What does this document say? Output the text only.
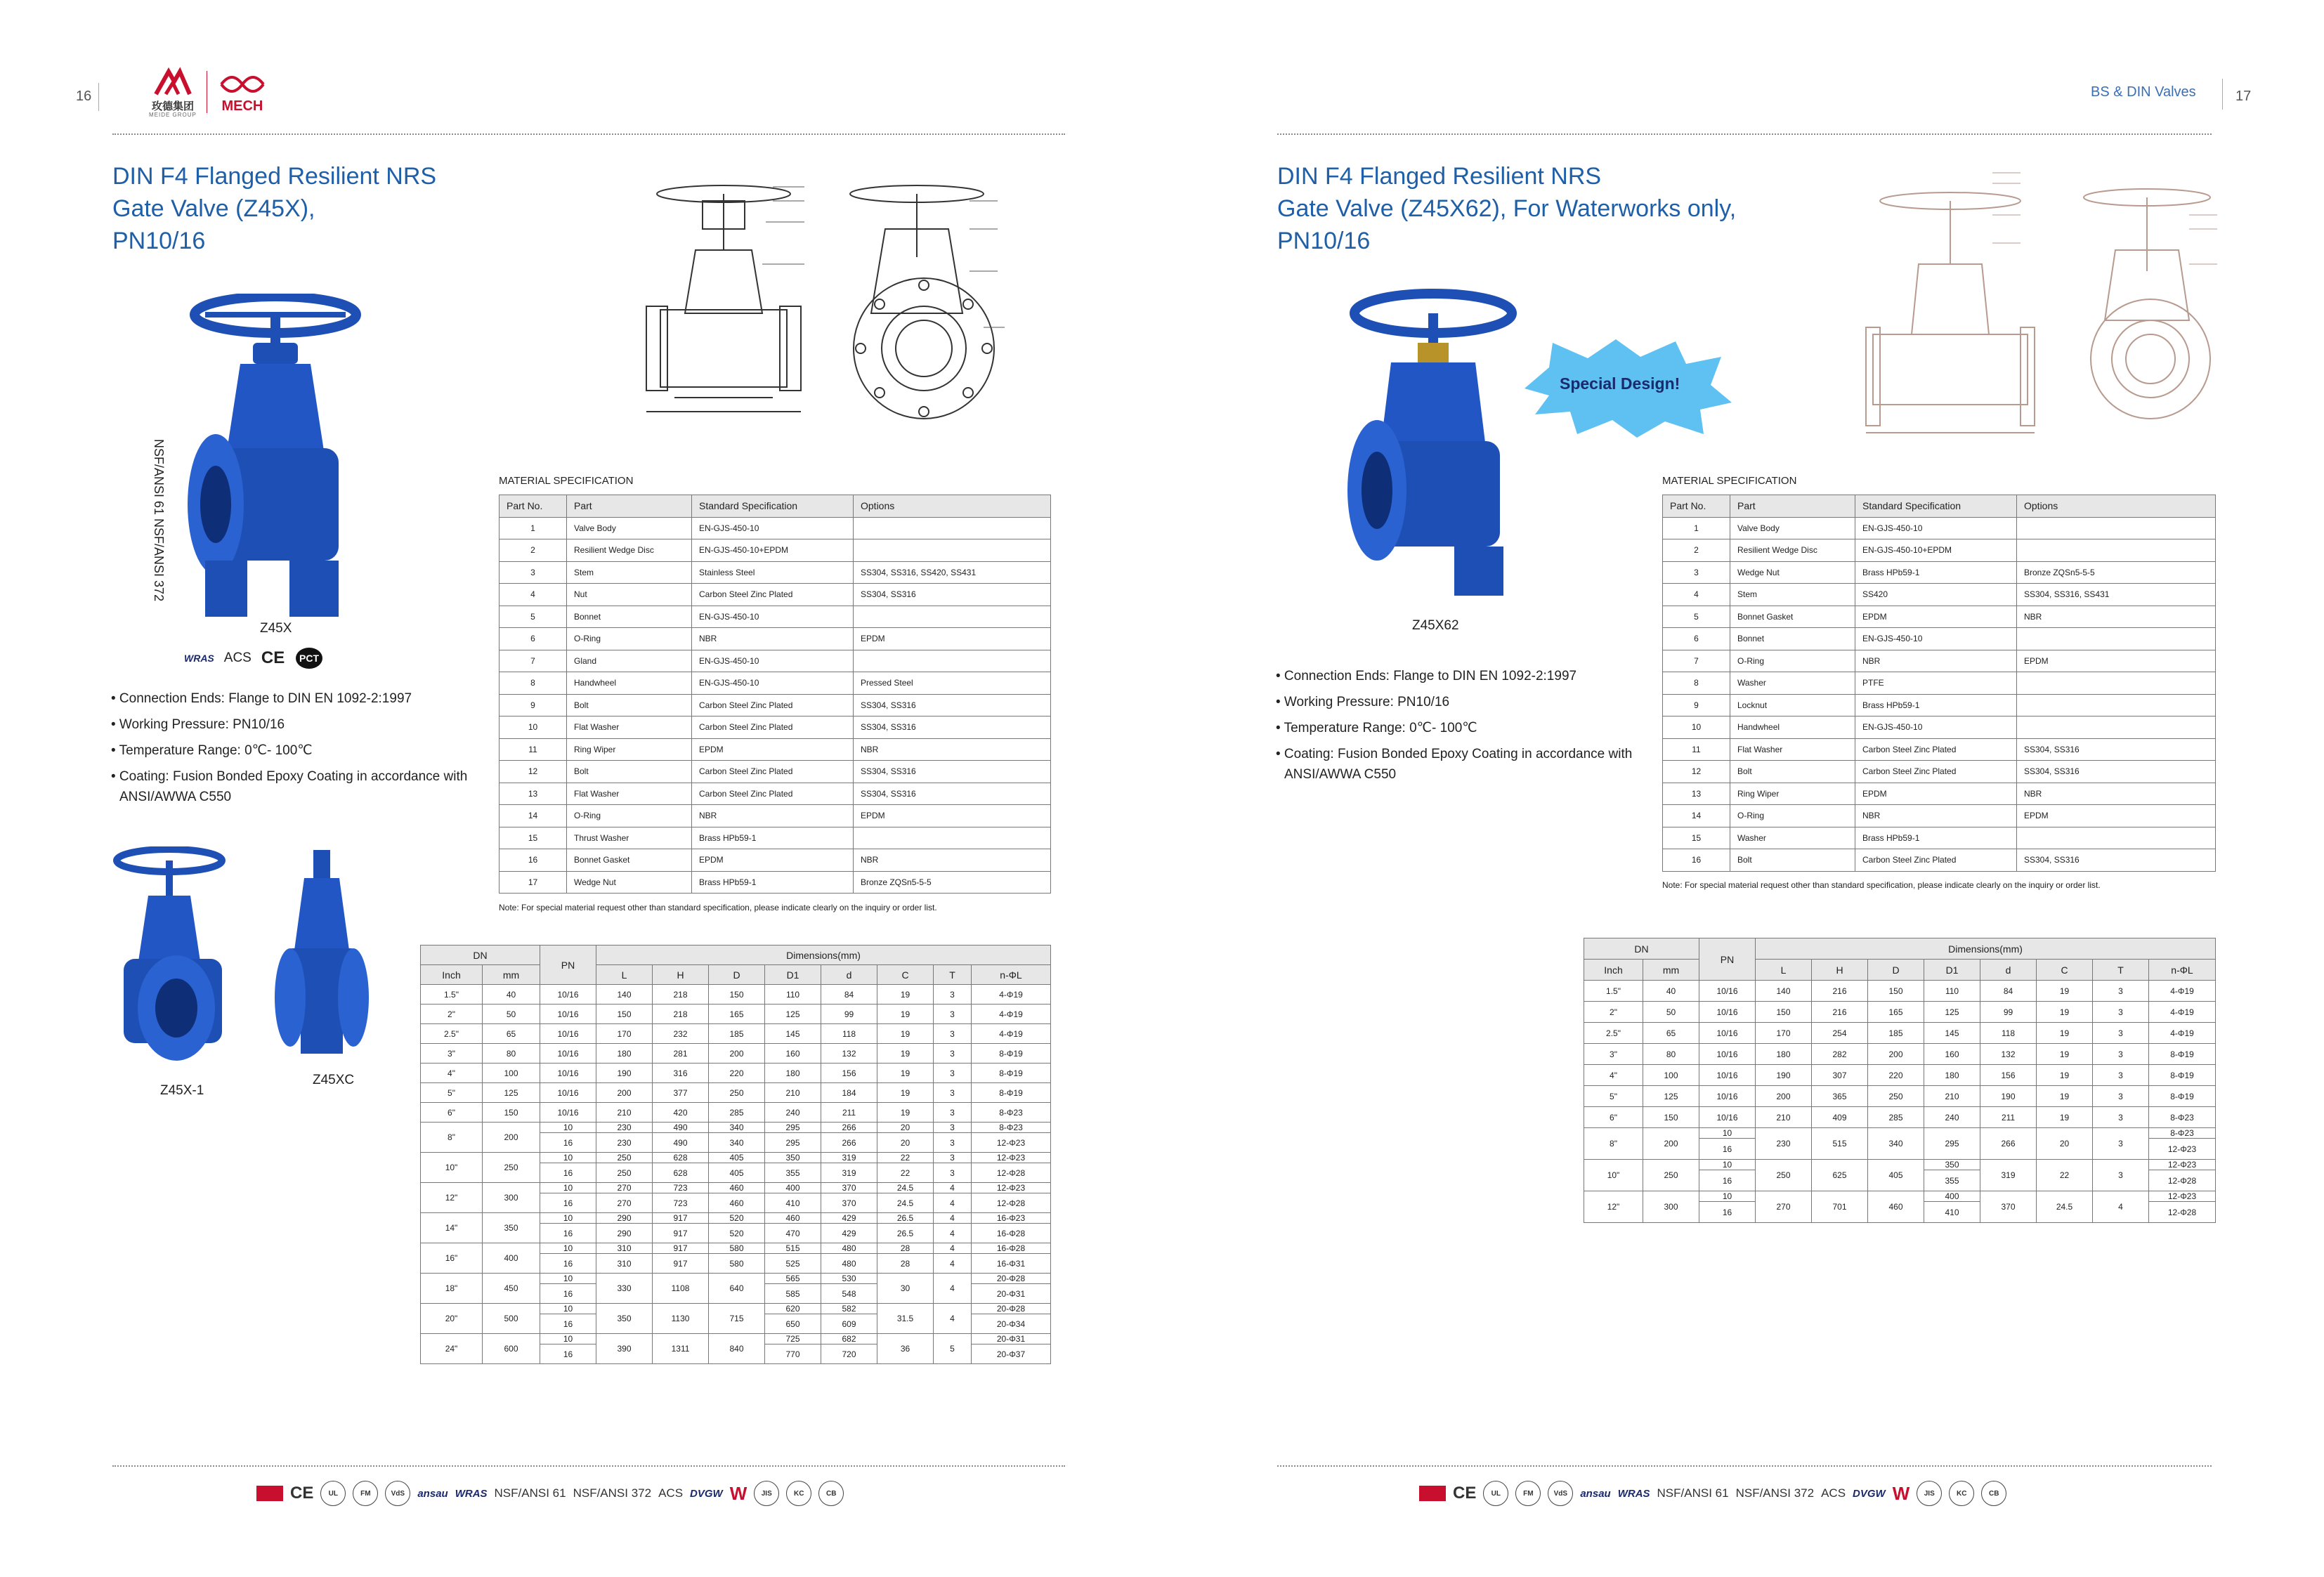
16
玫德集团
MEIDE GROUP
MECH
DIN F4 Flanged Resilient NRS
Gate Valve (Z45X),
PN10/16
NSF/ANSI 61 NSF/ANSI 372
Z45X
WRAS ACS CE PCT
• Connection Ends: Flange to DIN EN 1092-2:1997
• Working Pressure: PN10/16
• Temperature Range: 0℃- 100℃
• Coating: Fusion Bonded Epoxy Coating in accordance with
ANSI/AWWA C550
Z45X-1
Z45XC
MATERIAL SPECIFICATION
Part No.	Part	Standard Specification	Options
1	Valve Body	EN-GJS-450-10	
2	Resilient Wedge Disc	EN-GJS-450-10+EPDM	
3	Stem	Stainless Steel	SS304, SS316, SS420, SS431
4	Nut	Carbon Steel Zinc Plated	SS304, SS316
5	Bonnet	EN-GJS-450-10	
6	O-Ring	NBR	EPDM
7	Gland	EN-GJS-450-10	
8	Handwheel	EN-GJS-450-10	Pressed Steel
9	Bolt	Carbon Steel Zinc Plated	SS304, SS316
10	Flat Washer	Carbon Steel Zinc Plated	SS304, SS316
11	Ring Wiper	EPDM	NBR
12	Bolt	Carbon Steel Zinc Plated	SS304, SS316
13	Flat Washer	Carbon Steel Zinc Plated	SS304, SS316
14	O-Ring	NBR	EPDM
15	Thrust Washer	Brass HPb59-1	
16	Bonnet Gasket	EPDM	NBR
17	Wedge Nut	Brass HPb59-1	Bronze ZQSn5-5-5
Note: For special material request other than standard specification, please indicate clearly on the inquiry or order list.
DN		PN	Dimensions(mm)							
Inch	mm		L	H	D	D1	d	C	T	n-ΦL
1.5"	40	10/16	140	218	150	110	84	19	3	4-Φ19
2"	50	10/16	150	218	165	125	99	19	3	4-Φ19
2.5"	65	10/16	170	232	185	145	118	19	3	4-Φ19
3"	80	10/16	180	281	200	160	132	19	3	8-Φ19
4"	100	10/16	190	316	220	180	156	19	3	8-Φ19
5"	125	10/16	200	377	250	210	184	19	3	8-Φ19
6"	150	10/16	210	420	285	240	211	19	3	8-Φ23
8"	200	10	230	490	340	295	266	20	3	8-Φ23
		16	230	490	340	295	266	20	3	12-Φ23
10"	250	10	250	628	405	350	319	22	3	12-Φ23
		16	250	628	405	355	319	22	3	12-Φ28
12"	300	10	270	723	460	400	370	24.5	4	12-Φ23
		16	270	723	460	410	370	24.5	4	12-Φ28
14"	350	10	290	917	520	460	429	26.5	4	16-Φ23
		16	290	917	520	470	429	26.5	4	16-Φ28
16"	400	10	310	917	580	515	480	28	4	16-Φ28
		16	310	917	580	525	480	28	4	16-Φ31
18"	450	10	330	1108	640	565	530	30	4	20-Φ28
		16				585	548			20-Φ31
20"	500	10	350	1130	715	620	582	31.5	4	20-Φ28
		16				650	609			20-Φ34
24"	600	10	390	1311	840	725	682	36	5	20-Φ31
		16				770	720			20-Φ37
CE	UL	FM	VdS	ansau WRAS NSF/ANSI 61 NSF/ANSI 372 ACS DVGW W	JIS	KC	CB
BS & DIN Valves	17
DIN F4 Flanged Resilient NRS
Gate Valve (Z45X62), For Waterworks only,
PN10/16
Z45X62
Special Design!
• Connection Ends: Flange to DIN EN 1092-2:1997
• Working Pressure: PN10/16
• Temperature Range: 0℃- 100℃
• Coating: Fusion Bonded Epoxy Coating in accordance with
ANSI/AWWA C550
MATERIAL SPECIFICATION
Part No.	Part	Standard Specification	Options
1	Valve Body	EN-GJS-450-10	
2	Resilient Wedge Disc	EN-GJS-450-10+EPDM	
3	Wedge Nut	Brass HPb59-1	Bronze ZQSn5-5-5
4	Stem	SS420	SS304, SS316, SS431
5	Bonnet Gasket	EPDM	NBR
6	Bonnet	EN-GJS-450-10	
7	O-Ring	NBR	EPDM
8	Washer	PTFE	
9	Locknut	Brass HPb59-1	
10	Handwheel	EN-GJS-450-10	
11	Flat Washer	Carbon Steel Zinc Plated	SS304, SS316
12	Bolt	Carbon Steel Zinc Plated	SS304, SS316
13	Ring Wiper	EPDM	NBR
14	O-Ring	NBR	EPDM
15	Washer	Brass HPb59-1	
16	Bolt	Carbon Steel Zinc Plated	SS304, SS316
Note: For special material request other than standard specification, please indicate clearly on the inquiry or order list.
DN		PN	Dimensions(mm)							
Inch	mm		L	H	D	D1	d	C	T	n-ΦL
1.5"	40	10/16	140	216	150	110	84	19	3	4-Φ19
2"	50	10/16	150	216	165	125	99	19	3	4-Φ19
2.5"	65	10/16	170	254	185	145	118	19	3	4-Φ19
3"	80	10/16	180	282	200	160	132	19	3	8-Φ19
4"	100	10/16	190	307	220	180	156	19	3	8-Φ19
5"	125	10/16	200	365	250	210	190	19	3	8-Φ19
6"	150	10/16	210	409	285	240	211	19	3	8-Φ23
8"	200	10	230	515	340	295	266	20	3	8-Φ23
		16								12-Φ23
10"	250	10	250	625	405	350	319	22	3	12-Φ23
		16				355				12-Φ28
12"	300	10	270	701	460	400	370	24.5	4	12-Φ23
		16				410				12-Φ28
CE	UL	FM	VdS	ansau WRAS NSF/ANSI 61 NSF/ANSI 372 ACS DVGW W	JIS	KC	CB
